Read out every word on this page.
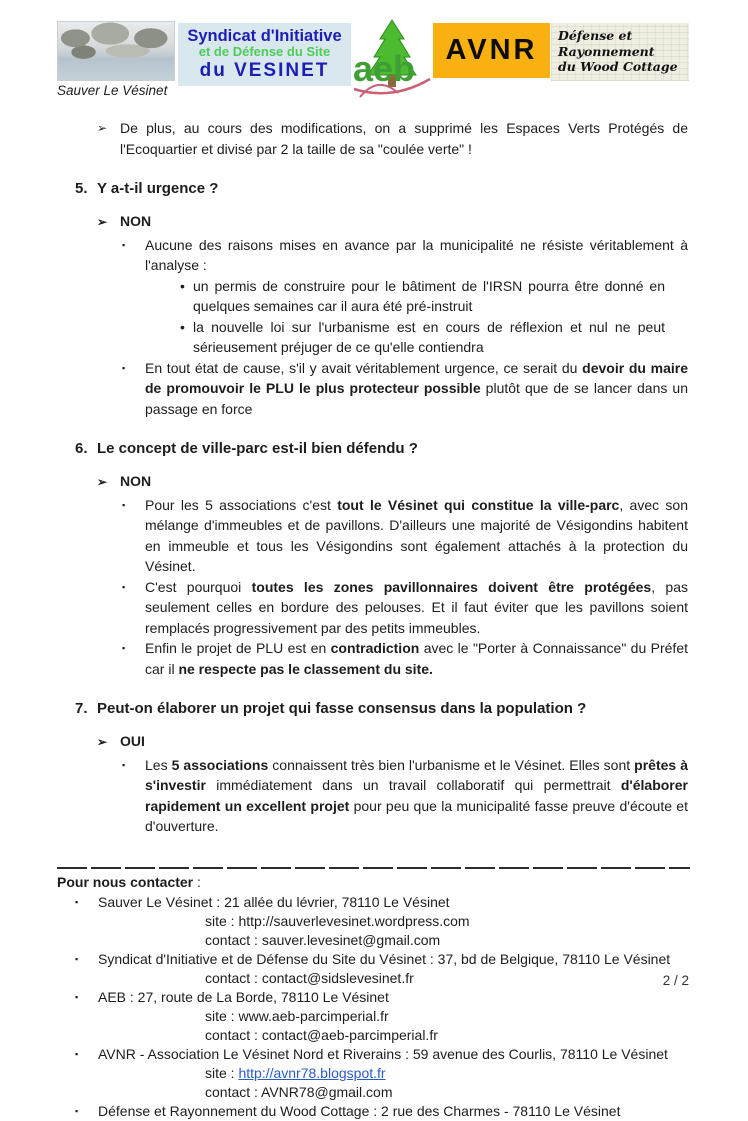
Sauver Le Vésinet
Syndicat d'Initiative
et de Défense du Site
du VESINET aeb AVNR Défense et
Rayonnement
du Wood Cottage
➢ De plus, au cours des modifications, on a supprimé les Espaces Verts Protégés de l'Ecoquartier et divisé par 2 la taille de sa "coulée verte" !
5. Y a-t-il urgence ?
➢ NON
▪	Aucune des raisons mises en avance par la municipalité ne résiste véritablement à l'analyse :
• un permis de construire pour le bâtiment de l'IRSN pourra être donné en quelques semaines car il aura été pré-instruit
• la nouvelle loi sur l'urbanisme est en cours de réflexion et nul ne peut sérieusement préjuger de ce qu'elle contiendra
▪	En tout état de cause, s'il y avait véritablement urgence, ce serait du devoir du maire de promouvoir le PLU le plus protecteur possible plutôt que de se lancer dans un passage en force
6. Le concept de ville-parc est-il bien défendu ?
➢ NON
▪	Pour les 5 associations c'est tout le Vésinet qui constitue la ville-parc, avec son mélange d'immeubles et de pavillons. D'ailleurs une majorité de Vésigondins habitent en immeuble et tous les Vésigondins sont également attachés à la protection du Vésinet.
▪	C'est pourquoi toutes les zones pavillonnaires doivent être protégées, pas seulement celles en bordure des pelouses. Et il faut éviter que les pavillons soient remplacés progressivement par des petits immeubles.
▪	Enfin le projet de PLU est en contradiction avec le "Porter à Connaissance" du Préfet car il ne respecte pas le classement du site.
7. Peut-on élaborer un projet qui fasse consensus dans la population ?
➢ OUI
▪	Les 5 associations connaissent très bien l'urbanisme et le Vésinet. Elles sont prêtes à s'investir immédiatement dans un travail collaboratif qui permettrait d'élaborer rapidement un excellent projet pour peu que la municipalité fasse preuve d'écoute et d'ouverture.
Pour nous contacter :
▪	Sauver Le Vésinet : 21 allée du lévrier, 78110 Le Vésinet
site : http://sauverlevesinet.wordpress.com
contact : sauver.levesinet@gmail.com
▪	Syndicat d'Initiative et de Défense du Site du Vésinet : 37, bd de Belgique, 78110 Le Vésinet
contact : contact@sidslevesinet.fr
▪	AEB : 27, route de La Borde, 78110 Le Vésinet
site : www.aeb-parcimperial.fr
contact : contact@aeb-parcimperial.fr
▪	AVNR - Association Le Vésinet Nord et Riverains : 59 avenue des Courlis, 78110 Le Vésinet
site : http://avnr78.blogspot.fr
contact : AVNR78@gmail.com
▪	Défense et Rayonnement du Wood Cottage : 2 rue des Charmes - 78110 Le Vésinet
2 / 2
